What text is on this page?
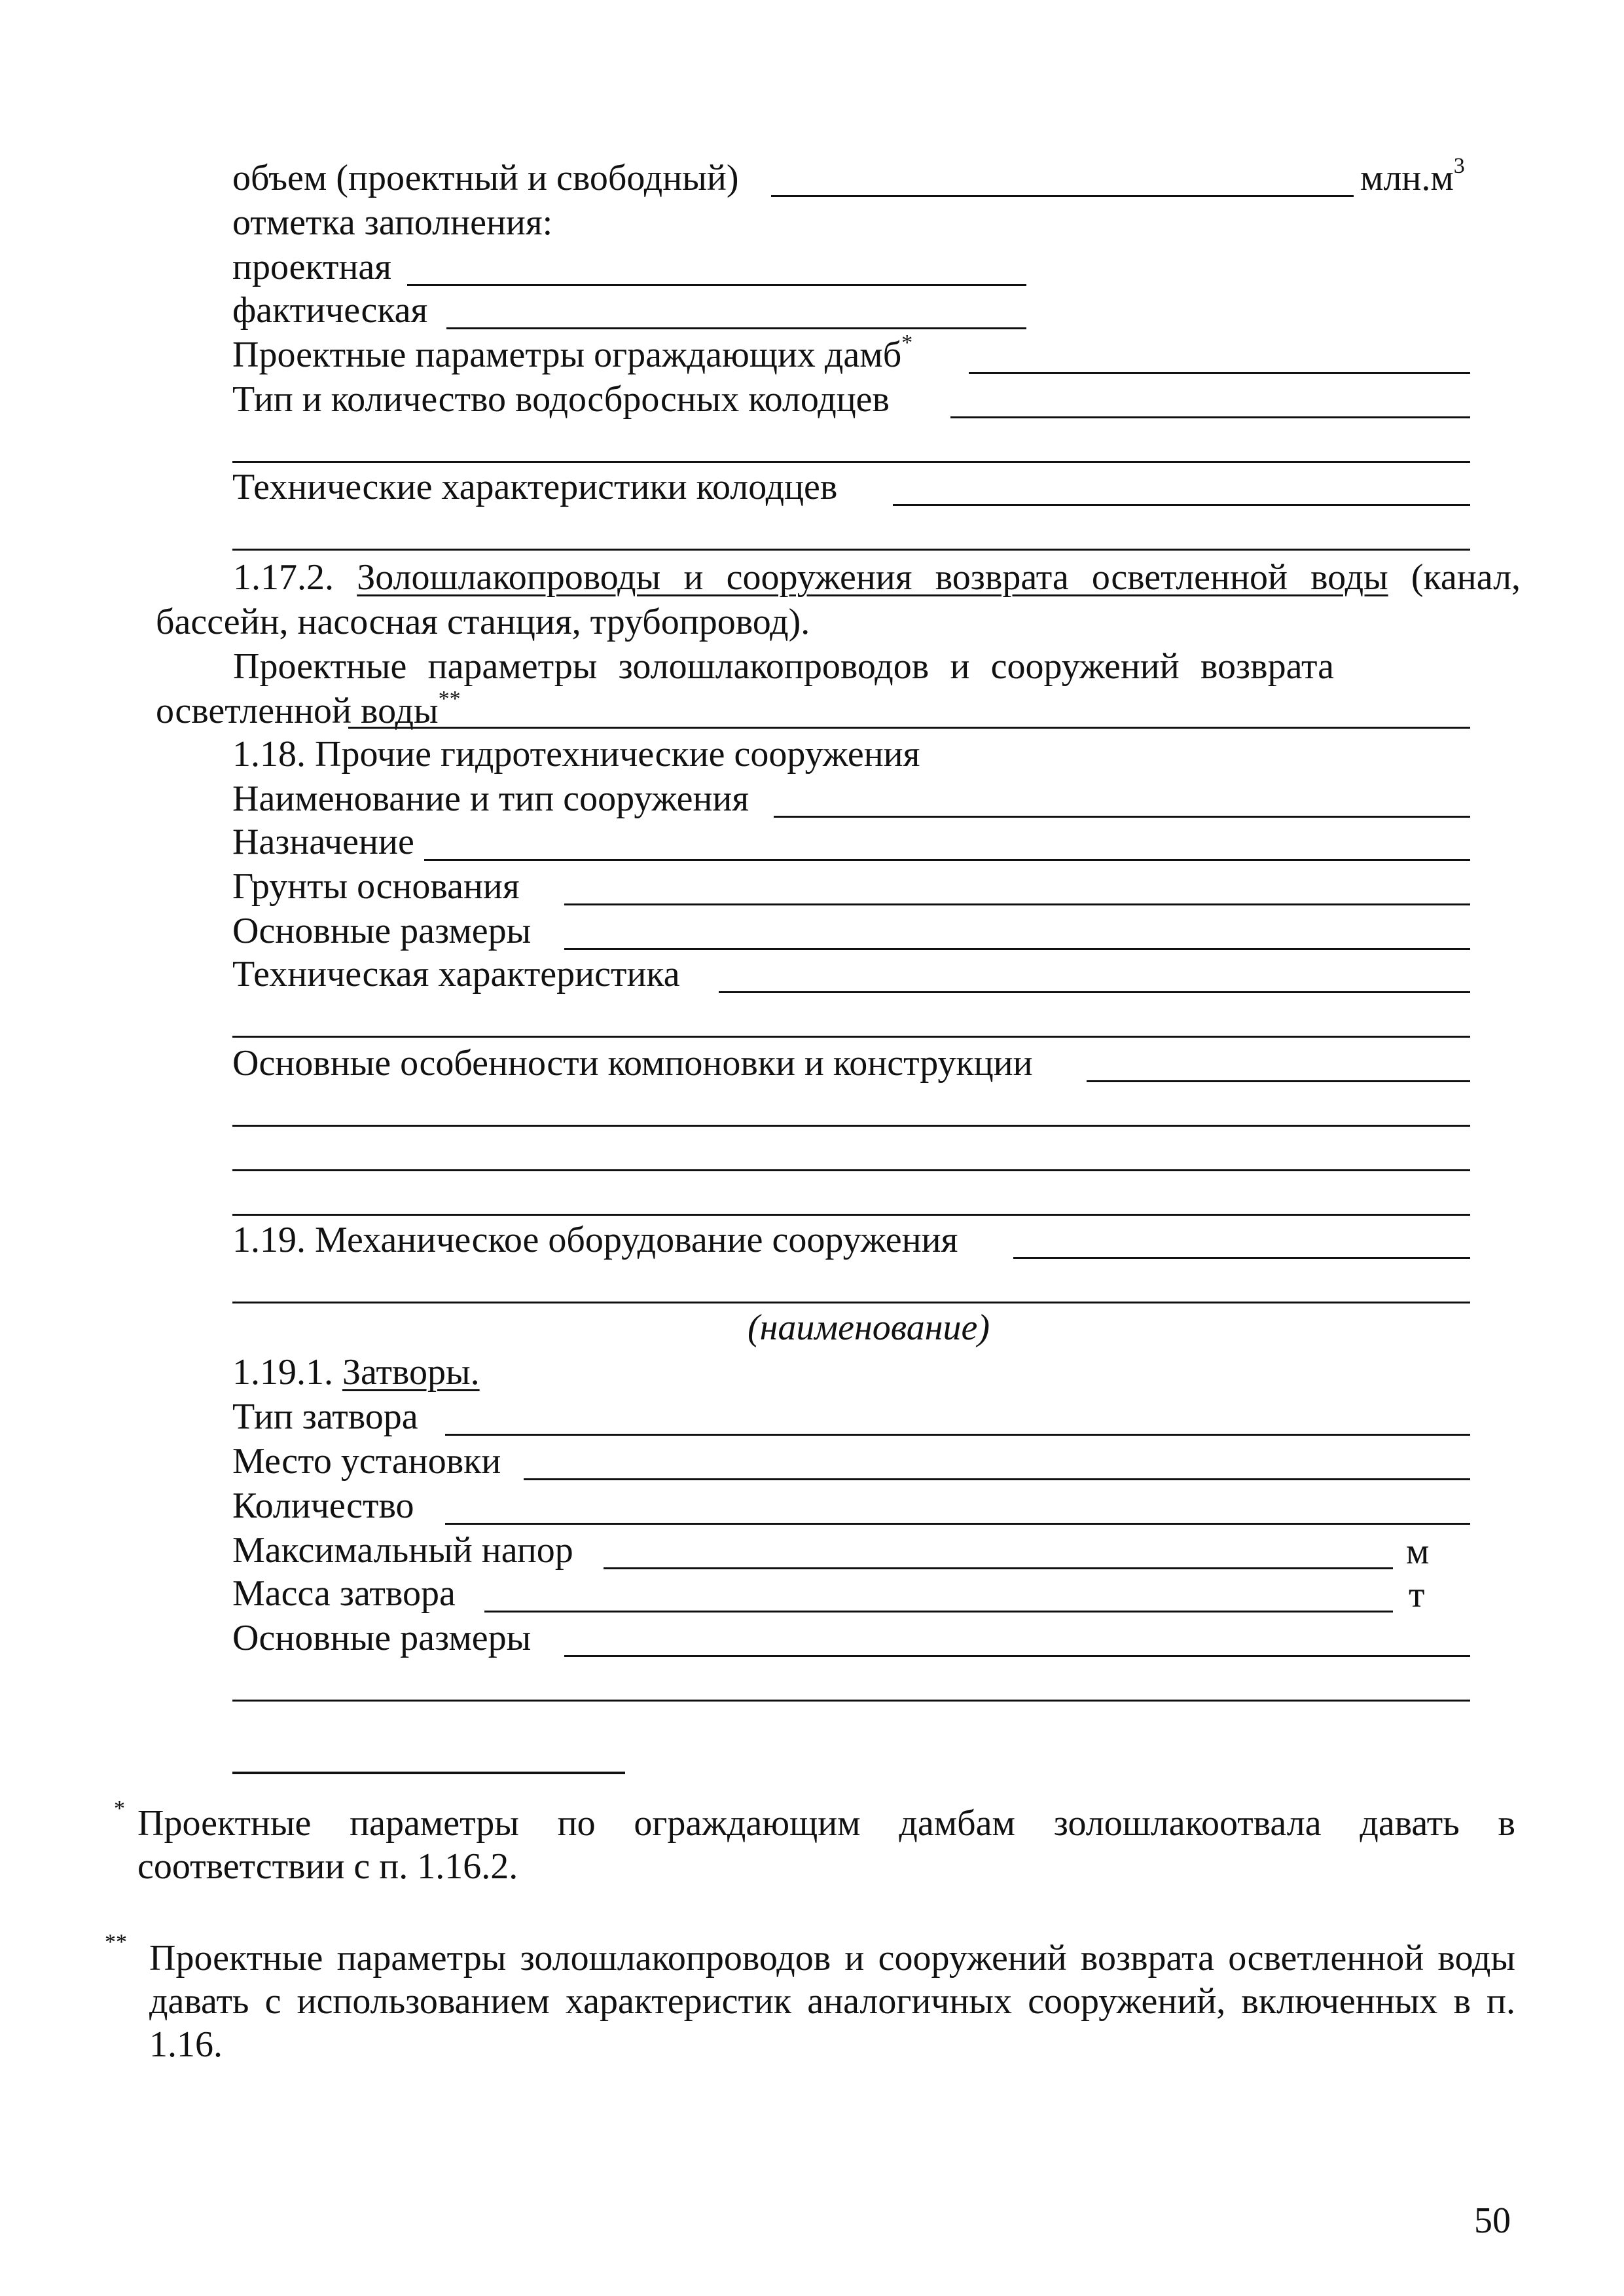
объем (проектный и свободный)	$млн.м^3$
отметка заполнения:
проектная
фактическая
Проектные параметры ограждающих дамб*
Тип и количество водосбросных колодцев
Технические характеристики колодцев

1.17.2. Золошлакопроводы и сооружения возврата осветленной воды (канал, бассейн, насосная станция, трубопровод).

Проектные параметры золошлакопроводов и сооружений возврата осветленной воды**

1.18. Прочие гидротехнические сооружения
Наименование и тип сооружения
Назначение
Грунты основания
Основные размеры
Техническая характеристика
Основные особенности компоновки и конструкции
1.19. Механическое оборудование сооружения
(наименование)
1.19.1. Затворы.
Тип затвора
Место установки
Количество
Максимальный напор	м
Масса затвора	т
Основные размеры
* Проектные параметры по ограждающим дамбам золошлакоотвала давать в соответствии с п. 1.16.2.

** Проектные параметры золошлакопроводов и сооружений возврата осветленной воды давать с использованием характеристик аналогичных сооружений, включенных в п. 1.16.

50
